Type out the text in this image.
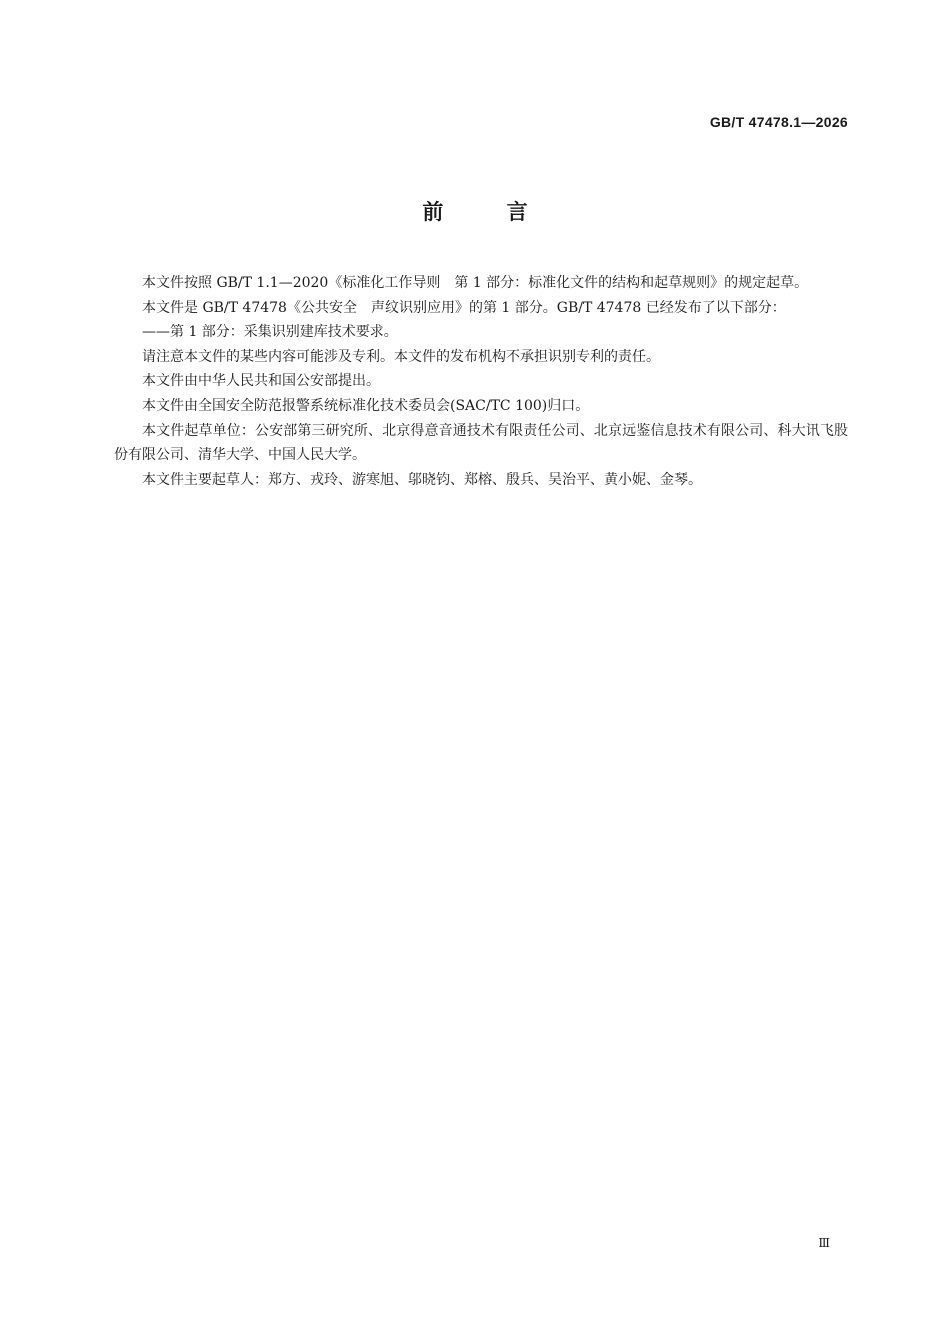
GB/T 47478.1—2026
前 言

本文件按照 GB/T 1.1—2020《标准化工作导则　第 1 部分：标准化文件的结构和起草规则》的规定起草。

本文件是 GB/T 47478《公共安全　声纹识别应用》的第 1 部分。GB/T 47478 已经发布了以下部分：

——第 1 部分：采集识别建库技术要求。

请注意本文件的某些内容可能涉及专利。本文件的发布机构不承担识别专利的责任。

本文件由中华人民共和国公安部提出。

本文件由全国安全防范报警系统标准化技术委员会(SAC/TC 100)归口。

本文件起草单位：公安部第三研究所、北京得意音通技术有限责任公司、北京远鉴信息技术有限公司、科大讯飞股份有限公司、清华大学、中国人民大学。

本文件主要起草人：郑方、戎玲、游寒旭、邬晓钧、郑榕、殷兵、吴治平、黄小妮、金琴。

Ⅲ
